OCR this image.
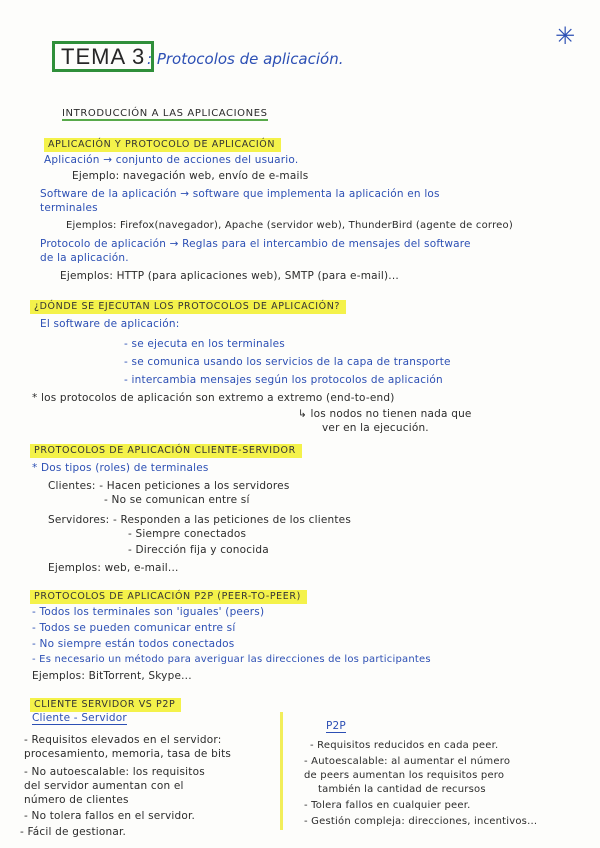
TEMA 3 : Protocolos de aplicación.
✳
INTRODUCCIÓN A LAS APLICACIONES
APLICACIÓN Y PROTOCOLO DE APLICACIÓN
Aplicación → conjunto de acciones del usuario.
Ejemplo: navegación web, envío de e-mails
Software de la aplicación → software que implementa la aplicación en los
terminales
Ejemplos: Firefox(navegador), Apache (servidor web), ThunderBird (agente de correo)
Protocolo de aplicación → Reglas para el intercambio de mensajes del software
de la aplicación.
Ejemplos: HTTP (para aplicaciones web), SMTP (para e-mail)...
¿DÓNDE SE EJECUTAN LOS PROTOCOLOS DE APLICACIÓN?
El software de aplicación:
- se ejecuta en los terminales
- se comunica usando los servicios de la capa de transporte
- intercambia mensajes según los protocolos de aplicación
* los protocolos de aplicación son extremo a extremo (end-to-end)
↳ los nodos no tienen nada que
ver en la ejecución.
PROTOCOLOS DE APLICACIÓN CLIENTE-SERVIDOR
* Dos tipos (roles) de terminales
Clientes: - Hacen peticiones a los servidores
- No se comunican entre sí
Servidores: - Responden a las peticiones de los clientes
- Siempre conectados
- Dirección fija y conocida
Ejemplos: web, e-mail...
PROTOCOLOS DE APLICACIÓN P2P (PEER-TO-PEER)
- Todos los terminales son 'iguales' (peers)
- Todos se pueden comunicar entre sí
- No siempre están todos conectados
- Es necesario un método para averiguar las direcciones de los participantes
Ejemplos: BitTorrent, Skype...
CLIENTE SERVIDOR VS P2P
Cliente - Servidor
- Requisitos elevados en el servidor:
procesamiento, memoria, tasa de bits
- No autoescalable: los requisitos
del servidor aumentan con el
número de clientes
- No tolera fallos en el servidor.
- Fácil de gestionar.
P2P
- Requisitos reducidos en cada peer.
- Autoescalable: al aumentar el número
de peers aumentan los requisitos pero
también la cantidad de recursos
- Tolera fallos en cualquier peer.
- Gestión compleja: direcciones, incentivos...
